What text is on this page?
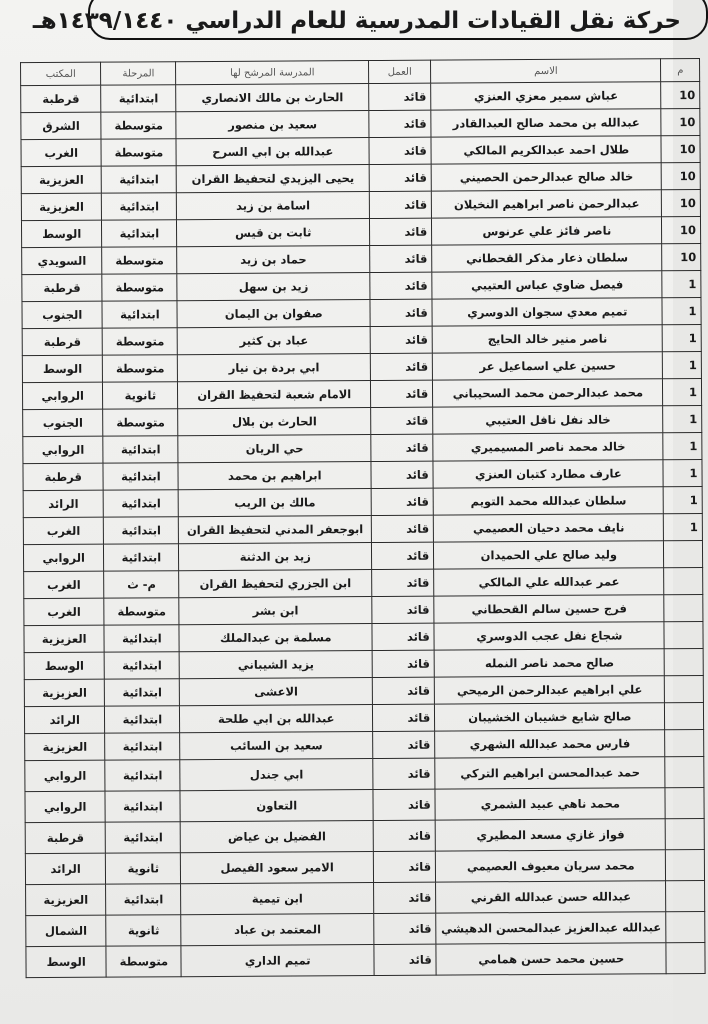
حركة نقل القيادات المدرسية للعام الدراسي ١٤٣٩/١٤٤٠هـ
م	الاسم	العمل	المدرسة المرشح لها	المرحلة	المكتب
10	عباش سمير معزي العنزي	قائد	الحارث بن مالك الانصاري	ابتدائية	قرطبة
10	عبدالله بن محمد صالح العبدالقادر	قائد	سعيد بن منصور	متوسطة	الشرق
10	طلال احمد عبدالكريم المالكي	قائد	عبدالله بن ابي السرح	متوسطة	الغرب
10	خالد صالح عبدالرحمن الحصيني	قائد	يحيى اليزيدي لتحفيظ القران	ابتدائية	العزيزية
10	عبدالرحمن ناصر ابراهيم النخيلان	قائد	اسامة بن زيد	ابتدائية	العزيزية
10	ناصر فائز علي عرنوس	قائد	ثابت بن قيس	ابتدائية	الوسط
10	سلطان ذعار مذكر القحطاني	قائد	حماد بن زيد	متوسطة	السويدي
1	فيصل ضاوي عباس العتيبي	قائد	زيد بن سهل	متوسطة	قرطبة
1	تميم معدي سجوان الدوسري	قائد	صفوان بن اليمان	ابتدائية	الجنوب
1	ناصر منير خالد الحايج	قائد	عباد بن كثير	متوسطة	قرطبة
1	حسين علي اسماعيل عر	قائد	ابي بردة بن نيار	متوسطة	الوسط
1	محمد عبدالرحمن محمد السحيباني	قائد	الامام شعبة لتحفيظ القران	ثانوية	الروابي
1	خالد نفل نافل العتيبي	قائد	الحارث بن بلال	متوسطة	الجنوب
1	خالد محمد ناصر المسيميري	قائد	حي الريان	ابتدائية	الروابي
1	عارف مطارد كتبان العنزي	قائد	ابراهيم بن محمد	ابتدائية	قرطبة
1	سلطان عبدالله محمد التويم	قائد	مالك بن الريب	ابتدائية	الرائد
1	نايف محمد دحيان العصيمي	قائد	ابوجعفر المدني لتحفيظ القران	ابتدائية	الغرب
	وليد صالح علي الحميدان	قائد	زيد بن الدثنة	ابتدائية	الروابي
	عمر عبدالله علي المالكي	قائد	ابن الجزري لتحفيظ القران	م- ث	الغرب
	فرج حسين سالم القحطاني	قائد	ابن بشر	متوسطة	الغرب
	شجاع نفل عجب الدوسري	قائد	مسلمة بن عبدالملك	ابتدائية	العزيزية
	صالح محمد ناصر النمله	قائد	يزيد الشيباني	ابتدائية	الوسط
	علي ابراهيم عبدالرحمن الرميحي	قائد	الاعشى	ابتدائية	العزيزية
	صالح شايع خشيبان الخشيبان	قائد	عبدالله بن ابي طلحة	ابتدائية	الرائد
	فارس محمد عبدالله الشهري	قائد	سعيد بن السائب	ابتدائية	العزيزية
	حمد عبدالمحسن ابراهيم التركي	قائد	ابي جندل	ابتدائية	الروابي
	محمد ناهي عبيد الشمري	قائد	التعاون	ابتدائية	الروابي
	فواز غازي مسعد المطيري	قائد	الفضيل بن عياض	ابتدائية	قرطبة
	محمد سريان معيوف العصيمي	قائد	الامير سعود الفيصل	ثانوية	الرائد
	عبدالله حسن عبدالله القرني	قائد	ابن تيمية	ابتدائية	العزيزية
	عبدالله عبدالعزيز عبدالمحسن الدهيشي	قائد	المعتمد بن عباد	ثانوية	الشمال
	حسين محمد حسن همامي	قائد	تميم الداري	متوسطة	الوسط
